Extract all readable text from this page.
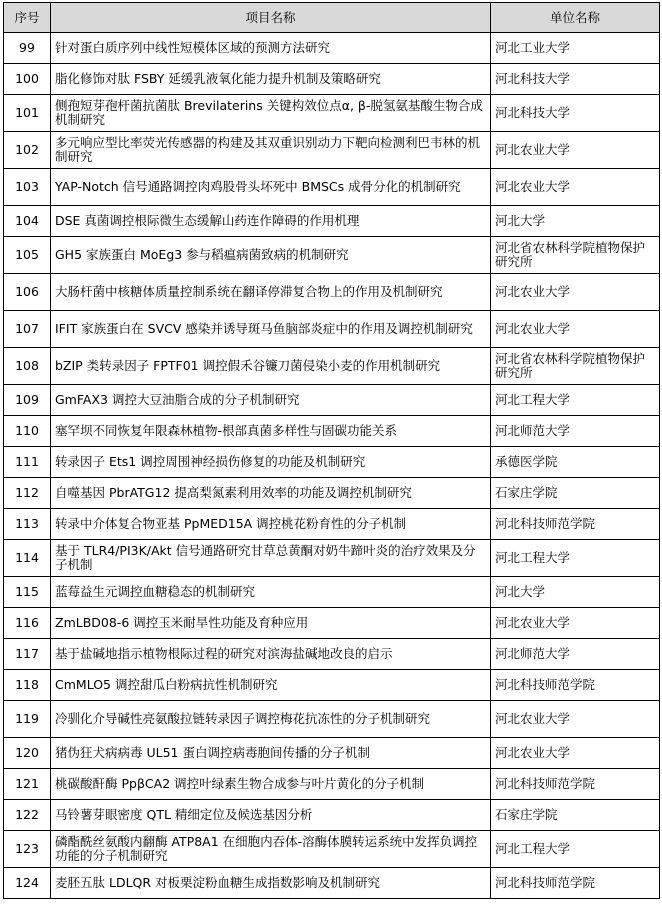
序号	项目名称	单位名称
99	针对蛋白质序列中线性短模体区域的预测方法研究	河北工业大学
100	脂化修饰对肽 FSBY 延缓乳液氧化能力提升机制及策略研究	河北科技大学
101	侧孢短芽孢杆菌抗菌肽 Brevilaterins 关键构效位点α, β-脱氢氨基酸生物合成机制研究	河北科技大学
102	多元响应型比率荧光传感器的构建及其双重识别动力下靶向检测利巴韦林的机制研究	河北农业大学
103	YAP-Notch 信号通路调控肉鸡股骨头坏死中 BMSCs 成骨分化的机制研究	河北农业大学
104	DSE 真菌调控根际微生态缓解山药连作障碍的作用机理	河北大学
105	GH5 家族蛋白 MoEg3 参与稻瘟病菌致病的机制研究	河北省农林科学院植物保护研究所
106	大肠杆菌中核糖体质量控制系统在翻译停滞复合物上的作用及机制研究	河北农业大学
107	IFIT 家族蛋白在 SVCV 感染并诱导斑马鱼脑部炎症中的作用及调控机制研究	河北农业大学
108	bZIP 类转录因子 FPTF01 调控假禾谷镰刀菌侵染小麦的作用机制研究	河北省农林科学院植物保护研究所
109	GmFAX3 调控大豆油脂合成的分子机制研究	河北工程大学
110	塞罕坝不同恢复年限森林植物-根部真菌多样性与固碳功能关系	河北师范大学
111	转录因子 Ets1 调控周围神经损伤修复的功能及机制研究	承德医学院
112	自噬基因 PbrATG12 提高梨氮素利用效率的功能及调控机制研究	石家庄学院
113	转录中介体复合物亚基 PpMED15A 调控桃花粉育性的分子机制	河北科技师范学院
114	基于 TLR4/PI3K/Akt 信号通路研究甘草总黄酮对奶牛蹄叶炎的治疗效果及分子机制	河北工程大学
115	蓝莓益生元调控血糖稳态的机制研究	河北大学
116	ZmLBD08-6 调控玉米耐旱性功能及育种应用	河北农业大学
117	基于盐碱地指示植物根际过程的研究对滨海盐碱地改良的启示	河北师范大学
118	CmMLO5 调控甜瓜白粉病抗性机制研究	河北科技师范学院
119	冷驯化介导碱性亮氨酸拉链转录因子调控梅花抗冻性的分子机制研究	河北农业大学
120	猪伪狂犬病病毒 UL51 蛋白调控病毒胞间传播的分子机制	河北农业大学
121	桃碳酸酐酶 PpβCA2 调控叶绿素生物合成参与叶片黄化的分子机制	河北科技师范学院
122	马铃薯芽眼密度 QTL 精细定位及候选基因分析	石家庄学院
123	磷酯酰丝氨酸内翻酶 ATP8A1 在细胞内吞体-溶酶体膜转运系统中发挥负调控功能的分子机制研究	河北工程大学
124	麦胚五肽 LDLQR 对板栗淀粉血糖生成指数影响及机制研究	河北科技师范学院
